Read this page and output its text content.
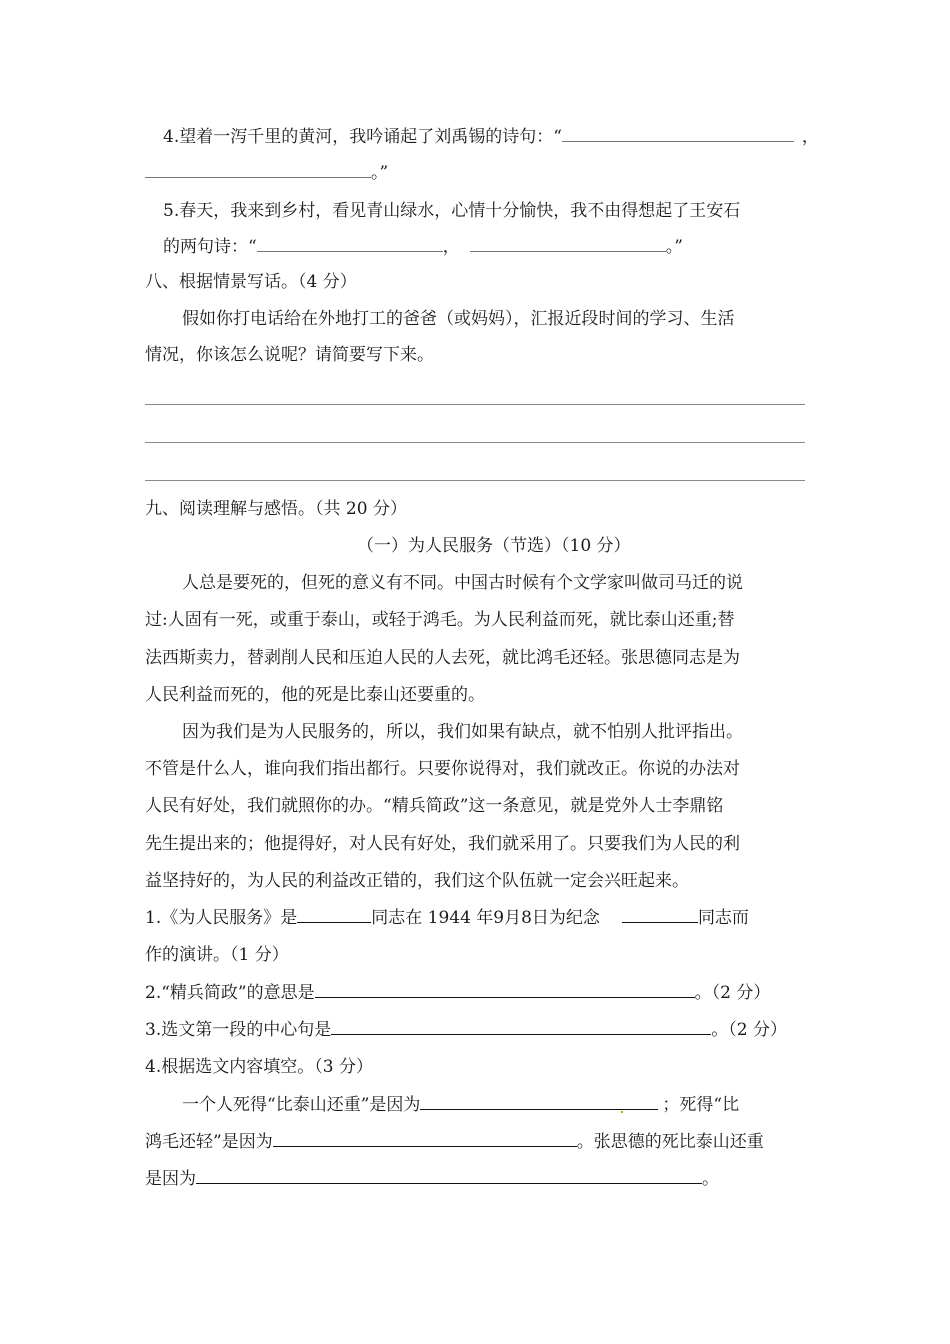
4.望着一泻千里的黄河，我吟诵起了刘禹锡的诗句：“	，
。”
5.春天，我来到乡村，看见青山绿水，心情十分愉快，我不由得想起了王安石
的两句诗：“	，	。”
八、根据情景写话。（4 分）
假如你打电话给在外地打工的爸爸（或妈妈），汇报近段时间的学习、生活
情况，你该怎么说呢？请简要写下来。
九、阅读理解与感悟。（共 20 分）
（一）为人民服务（节选）（10 分）
人总是要死的，但死的意义有不同。中国古时候有个文学家叫做司马迁的说
过:人固有一死，或重于泰山，或轻于鸿毛。为人民利益而死，就比泰山还重;替
法西斯卖力，替剥削人民和压迫人民的人去死，就比鸿毛还轻。张思德同志是为
人民利益而死的，他的死是比泰山还要重的。
因为我们是为人民服务的，所以，我们如果有缺点，就不怕别人批评指出。
不管是什么人，谁向我们指出都行。只要你说得对，我们就改正。你说的办法对
人民有好处，我们就照你的办。“精兵简政”这一条意见，就是党外人士李鼎铭
先生提出来的；他提得好，对人民有好处，我们就采用了。只要我们为人民的利
益坚持好的，为人民的利益改正错的，我们这个队伍就一定会兴旺起来。
1.《为人民服务》是	同志在 1944 年9月8日为纪念	同志而
作的演讲。（1 分）
2.“精兵简政”的意思是	。（2 分）
3.选文第一段的中心句是	。（2 分）
4.根据选文内容填空。（3 分）
一个人死得“比泰山还重”是因为	；死得“比
鸿毛还轻”是因为	。张思德的死比泰山还重
是因为	。
